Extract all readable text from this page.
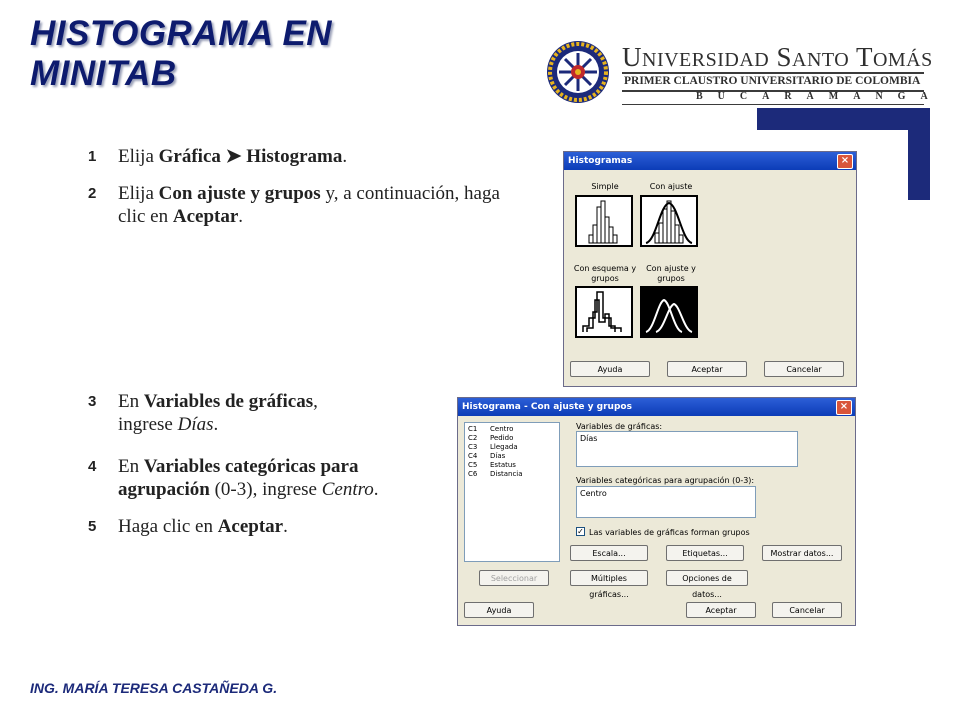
HISTOGRAMA EN
MINITAB	UNIVERSIDAD SANTO TOMÁS
PRIMER CLAUSTRO UNIVERSITARIO DE COLOMBIA
BUCARAMANGA
1 Elija Gráfica ➤ Histograma.
2 Elija Con ajuste y grupos y, a continuación, haga clic en Aceptar.
3 En Variables de gráficas, ingrese Días.
4 En Variables categóricas para agrupación (0-3), ingrese Centro.
5 Haga clic en Aceptar.
Histogramas	×
Simple	Con ajuste
Con esquema y grupos
Con ajuste y grupos
Ayuda	Aceptar	Cancelar
Histograma - Con ajuste y grupos	×
C1 Centro
C2 Pedido
C3 Llegada
C4 Días
C5 Estatus
C6 Distancia
Variables de gráficas:
Días
Variables categóricas para agrupación (0-3):
Centro
✓ Las variables de gráficas forman grupos
Escala...	Etiquetas...	Mostrar datos...
Seleccionar	Múltiples gráficas...
Opciones de datos...
Ayuda	Aceptar	Cancelar
ING. MARÍA TERESA CASTAÑEDA G.
